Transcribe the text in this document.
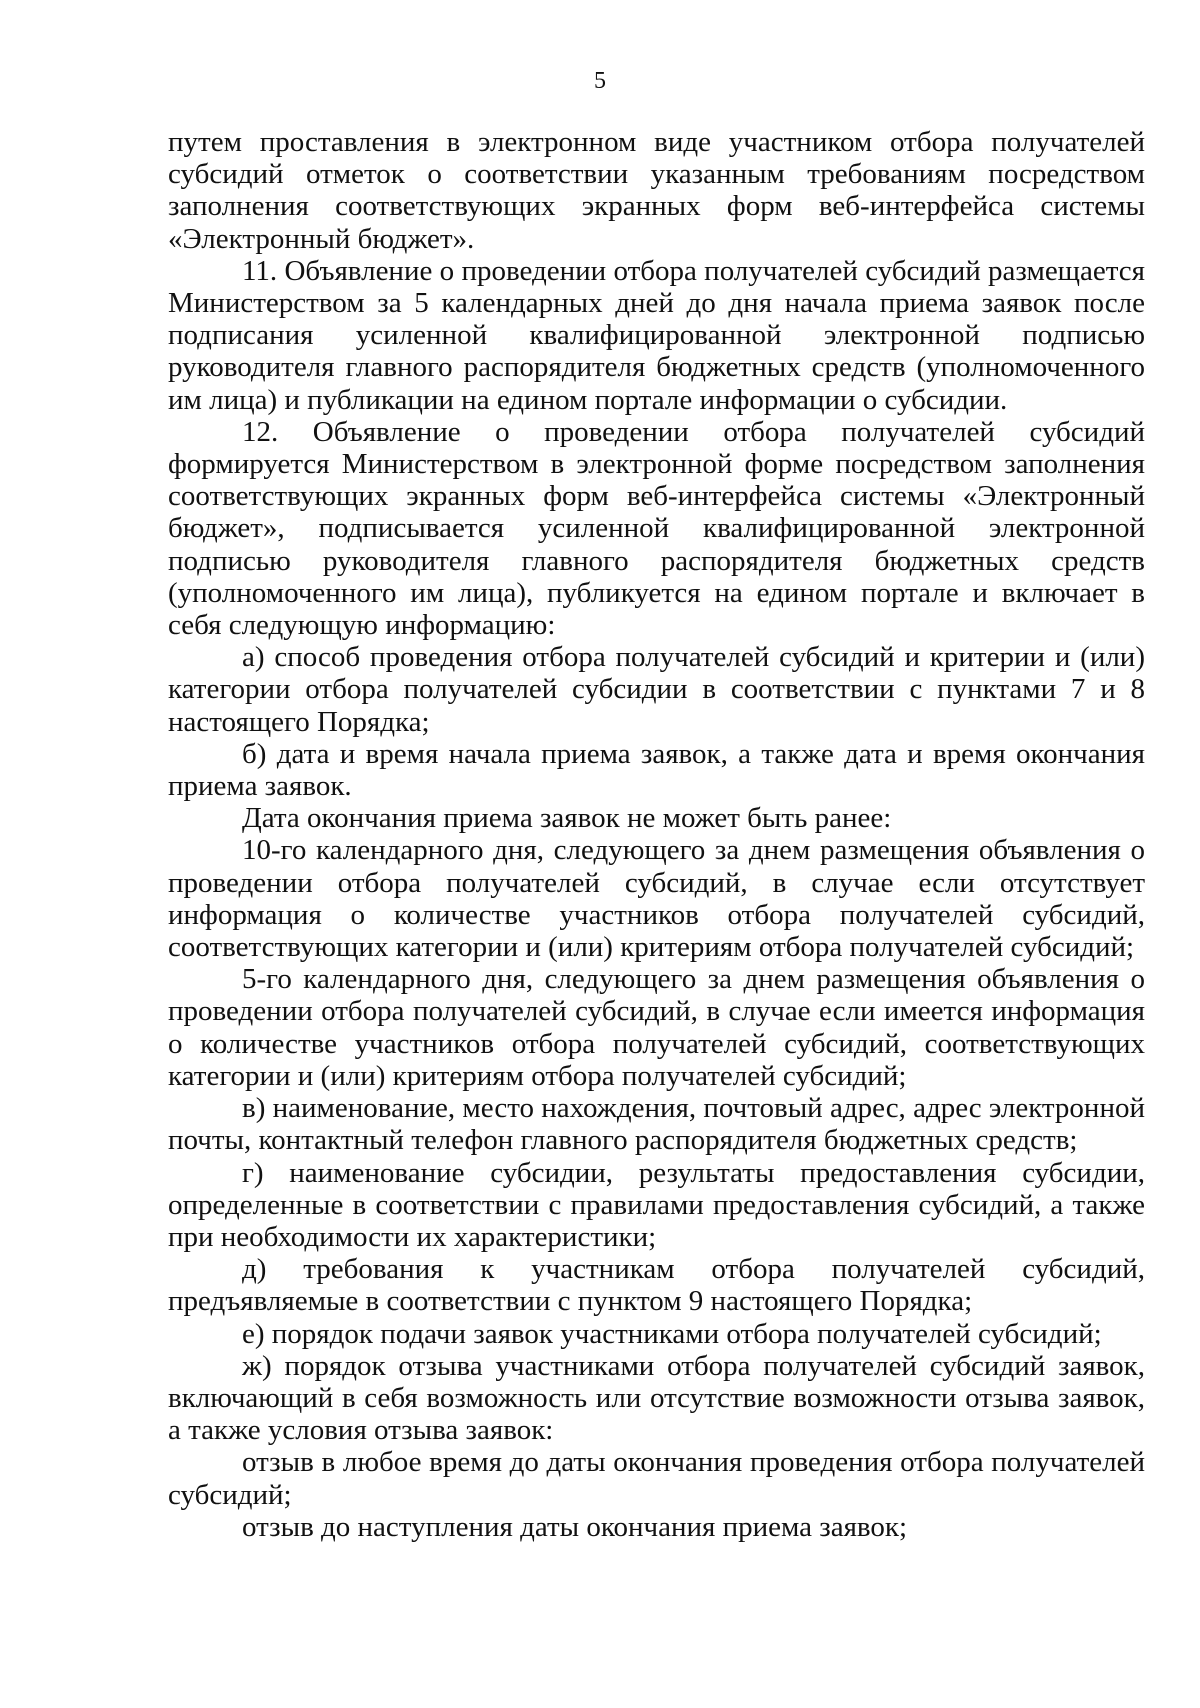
5

путем проставления в электронном виде участником отбора получателей субсидий отметок о соответствии указанным требованиям посредством заполнения соответствующих экранных форм веб-интерфейса системы «Электронный бюджет».

11. Объявление о проведении отбора получателей субсидий размещается Министерством за 5 календарных дней до дня начала приема заявок после подписания усиленной квалифицированной электронной подписью руководителя главного распорядителя бюджетных средств (уполномоченного им лица) и публикации на едином портале информации о субсидии.

12. Объявление о проведении отбора получателей субсидий формируется Министерством в электронной форме посредством заполнения соответствующих экранных форм веб-интерфейса системы «Электронный бюджет», подписывается усиленной квалифицированной электронной подписью руководителя главного распорядителя бюджетных средств (уполномоченного им лица), публикуется на едином портале и включает в себя следующую информацию:

а) способ проведения отбора получателей субсидий и критерии и (или) категории отбора получателей субсидии в соответствии с пунктами 7 и 8 настоящего Порядка;

б) дата и время начала приема заявок, а также дата и время окончания приема заявок.

Дата окончания приема заявок не может быть ранее:

10-го календарного дня, следующего за днем размещения объявления о проведении отбора получателей субсидий, в случае если отсутствует информация о количестве участников отбора получателей субсидий, соответствующих категории и (или) критериям отбора получателей субсидий;

5-го календарного дня, следующего за днем размещения объявления о проведении отбора получателей субсидий, в случае если имеется информация о количестве участников отбора получателей субсидий, соответствующих категории и (или) критериям отбора получателей субсидий;

в) наименование, место нахождения, почтовый адрес, адрес электронной почты, контактный телефон главного распорядителя бюджетных средств;

г) наименование субсидии, результаты предоставления субсидии, определенные в соответствии с правилами предоставления субсидий, а также при необходимости их характеристики;

д) требования к участникам отбора получателей субсидий, предъявляемые в соответствии с пунктом 9 настоящего Порядка;

е) порядок подачи заявок участниками отбора получателей субсидий;

ж) порядок отзыва участниками отбора получателей субсидий заявок, включающий в себя возможность или отсутствие возможности отзыва заявок, а также условия отзыва заявок:

отзыв в любое время до даты окончания проведения отбора получателей субсидий;

отзыв до наступления даты окончания приема заявок;
